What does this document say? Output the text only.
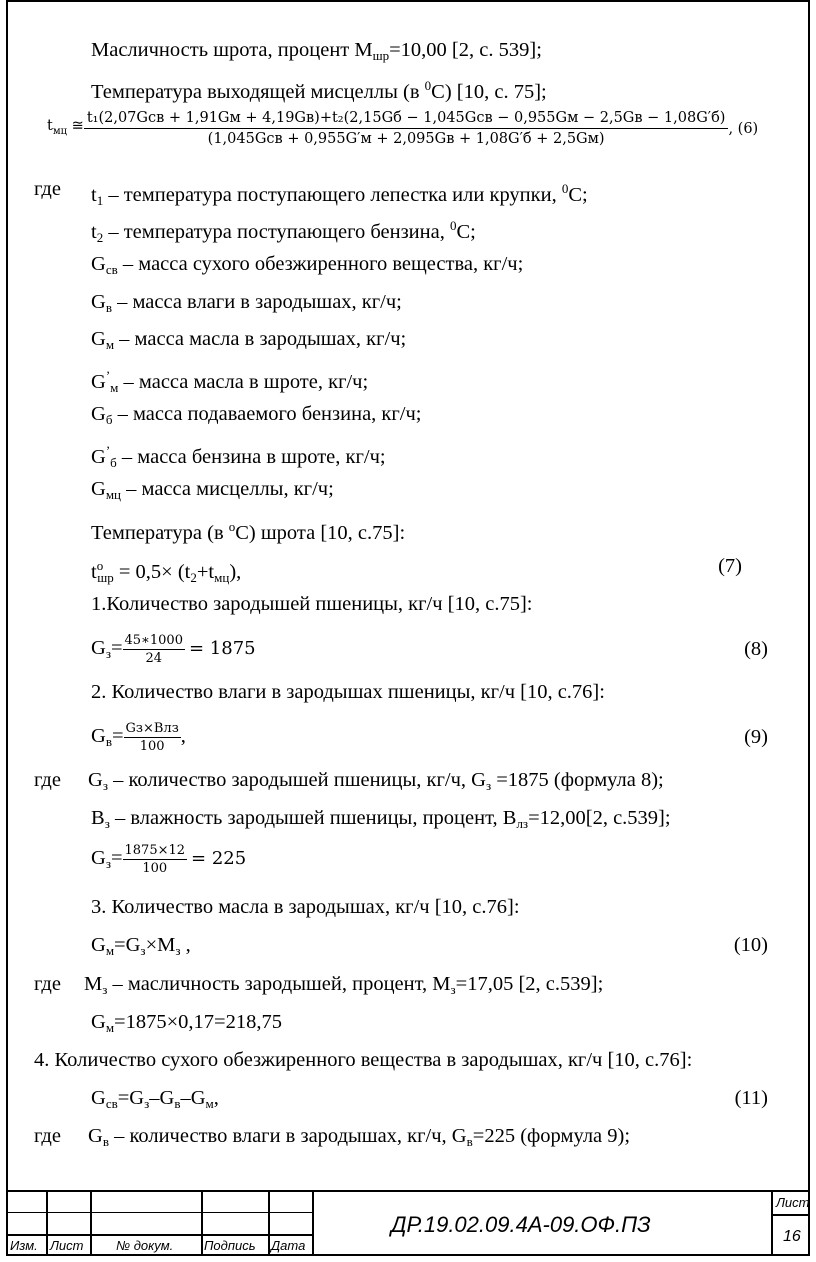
Масличность шрота, процент $М_{шр}=10,00$ [2, с. 539];
Температура выходящей мисцеллы (в $^0$С) [10, с. 75];
$t_{мц}$ ≅ t₁(2,07Gсв + 1,91Gм + 4,19Gв)+t₂(2,15Gб − 1,045Gсв − 0,955Gм − 2,5Gв − 1,08G′б)
(1,045Gсв + 0,955G′м + 2,095Gв + 1,08G′б + 2,5Gм)
, (6)
где $t_1$ – температура поступающего лепестка или крупки, $^0$С;
$t_2$ – температура поступающего бензина, $^0$С;
$G_{св}$ – масса сухого обезжиренного вещества, кг/ч;
$G_в$ – масса влаги в зародышах, кг/ч;
$G_м$ – масса масла в зародышах, кг/ч;
$G^’_м$ – масса масла в шроте, кг/ч;
$G_б$ – масса подаваемого бензина, кг/ч;
$G^’_б$ – масса бензина в шроте, кг/ч;
$G_{мц}$ – масса мисцеллы, кг/ч;
Температура (в $^о$С) шрота [10, с.75]:
$t^о_{шр} = 0,5\times (t_2+t_{мц})$,	(7)
1.Количество зародышей пшеницы, кг/ч [10, с.75]:
$G_з= \frac{45∗1000}{24} = 1875$	(8)
2. Количество влаги в зародышах пшеницы, кг/ч [10, с.76]:
$G_в= \frac{\text{Gз×Влз}}{100}$ ,	(9)
где $G_з$ – количество зародышей пшеницы, кг/ч, $G_з =1875$ (формула 8);
$В_з$ – влажность зародышей пшеницы, процент, $В_{лз}=12,00[2$, с.539];
$G_з= \frac{1875\times 12}{100} = 225$
3. Количество масла в зародышах, кг/ч [10, с.76]:
$G_м=G_з\times М_з$ ,	(10)
где $М_з$ – масличность зародышей, процент, $М_з=17,05$ [2, с.539];
$G_м=1875\times 0,17=218,75$
4. Количество сухого обезжиренного вещества в зародышах, кг/ч [10, с.76]:
$G_{св}=G_з-G_в-G_м$,	(11)
где $G_в$ – количество влаги в зародышах, кг/ч, $G_в=225$ (формула 9);
Изм. Лист	№ докум. Подпись Дата
ДР.19.02.09.4А-09.ОФ.ПЗ
Лист
16
